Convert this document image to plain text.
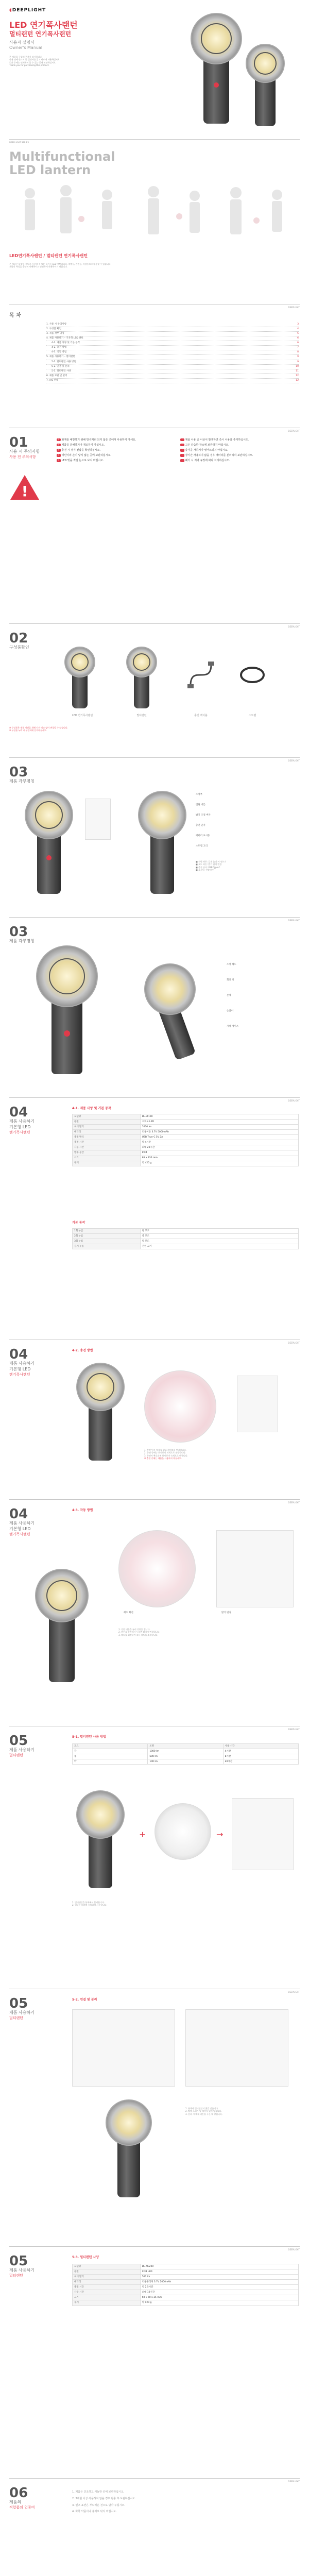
◖DEEPLIGHT
LED 연기폭사랜턴
멀티랜턴 연기폭사랜턴
사용자 설명서
Owner's Manual
본 제품을 구입해 주셔서 감사합니다.
사용 전에 반드시 본 설명서를 읽고 바르게 사용하십시오.
읽은 후에는 언제든지 볼 수 있는 곳에 보관하십시오.
Thank you for purchasing this product.
DEEPLIGHT SERIES
Multifunctional
LED lantern
LED연기폭사랜턴 / 멀티랜턴 연기폭사랜턴
본 제품은 다양한 용도로 사용할 수 있는 다기능 LED 랜턴입니다. 작업등, 손전등, 비상등으로 활용할 수 있습니다.
제품의 특성을 충분히 이해하시고 안전하게 사용하시기 바랍니다.
DEEPLIGHT
목 차
1. 사용 시 주의사항	3
2. 구성품 확인	4
3. 제품 각부 명칭	5
4. 제품 사용하기 – 기본형 LED 랜턴	6
4-1. 제품 사양 및 기본 동작	6
4-2. 충전 방법	7
4-3. 작동 방법	8
5. 제품 사용하기 – 멀티랜턴	9
5-1. 멀티랜턴 사용 방법	9
5-2. 연결 및 분리	10
5-3. 멀티랜턴 사양	11
6. 제품 보관 및 관리	12
7. A/S 안내	12
DEEPLIGHT
01
사용 시 주의사항
사용 전 주의사항
!
! 화재를 예방하기 위해 방수처리 되지 않은 곳에서 사용하지 마세요.
! 제품을 분해하거나 개조하지 마십시오.
! 충전 시 정격 전압을 확인하십시오.
! 어린이의 손이 닿지 않는 곳에 보관하십시오.
! LED 빛을 직접 눈으로 보지 마십시오.
! 제품 사용 중 이상이 발생하면 즉시 사용을 중지하십시오.
! 고온 다습한 장소에 보관하지 마십시오.
! 충격을 가하거나 떨어뜨리지 마십시오.
! 장기간 사용하지 않을 경우 배터리를 분리하여 보관하십시오.
! 폐기 시 지역 규정에 따라 처리하십시오.
DEEPLIGHT
02
구성품확인
LED 연기폭사랜턴	멀티랜턴	충전 케이블	스트랩
※ 구성품은 제품 개선을 위해 사전 예고 없이 변경될 수 있습니다.
※ 구성품 누락 시 구입처에 문의하십시오.
DEEPLIGHT
03
제품 각부명칭
조명부
전원 버튼
밝기 조절 버튼
충전 단자
배터리 표시등
스트랩 고리
■ 전원 버튼: 길게 눌러 켜기/끄기
■ 모드 버튼: 밝기 단계 변경
■ 충전 단자: USB Type-C
■ 표시등: 잔량 확인
DEEPLIGHT
03
제품 각부명칭
조명 헤드
회전 링
본체
손잡이
자석 베이스
DEEPLIGHT
04
제품 사용하기
기본형 LED
랜기폭사랜턴
4-1. 제품 사양 및 기본 동작
모델명	DL-LT100
광원	고휘도 LED
최대 밝기	1000 lm
배터리	리튬이온 3.7V 5000mAh
충전 방식	USB Type-C 5V 2A
충전 시간	약 4시간
사용 시간	최대 20시간
방수 등급	IPX4
크기	65 x 230 mm
무게	약 420 g
기본 동작
1회 누름	강 모드
2회 누름	중 모드
3회 누름	약 모드
길게 누름	전원 끄기
DEEPLIGHT
04
제품 사용하기
기본형 LED
랜기폭사랜턴
4-2. 충전 방법
1. 충전 단자 덮개를 열고 케이블을 연결합니다.
2. 충전 중에는 표시등이 적색으로 점등됩니다.
3. 충전이 완료되면 표시등이 녹색으로 바뀝니다.
※ 충전 중에는 제품을 사용하지 마십시오.
DEEPLIGHT
04
제품 사용하기
기본형 LED
랜기폭사랜턴
4-3. 작동 방법
헤드 회전	밝기 변경
1. 전원 버튼을 눌러 전원을 켭니다.
2. 버튼을 반복해서 누르면 밝기가 변경됩니다.
3. 헤드를 회전하여 조사 각도를 조절합니다.
DEEPLIGHT
05
제품 사용하기
멀티랜턴
5-1. 멀티랜턴 사용 방법
모드	조명	사용 시간
강	1000 lm	4시간
중	500 lm	8시간
약	100 lm	20시간
+	→
1. 멀티랜턴을 본체에서 분리합니다.
2. 원하는 위치에 거치하여 사용합니다.
DEEPLIGHT
05
제품 사용하기
멀티랜턴
5-2. 연결 및 분리
1. 본체와 멀티랜턴의 홈을 맞춥니다.
2. 딸깍 소리가 날 때까지 밀어 넣습니다.
3. 분리 시 해제 버튼을 누른 채 당깁니다.
DEEPLIGHT
05
제품 사용하기
멀티랜턴
5-3. 멀티랜턴 사양
모델명	DL-ML200
광원	COB LED
최대 밝기	500 lm
배터리	리튬폴리머 3.7V 2000mAh
충전 시간	약 2.5시간
사용 시간	최대 12시간
크기	60 x 60 x 25 mm
무게	약 120 g
DEEPLIGHT
06
제품의
적합품의 업종비
1. 제품은 건조하고 서늘한 곳에 보관하십시오.
2. 3개월 이상 사용하지 않을 경우 완충 후 보관하십시오.
3. 렌즈 표면은 부드러운 천으로 닦아 주십시오.
4. 화학 약품이나 용제로 닦지 마십시오.
